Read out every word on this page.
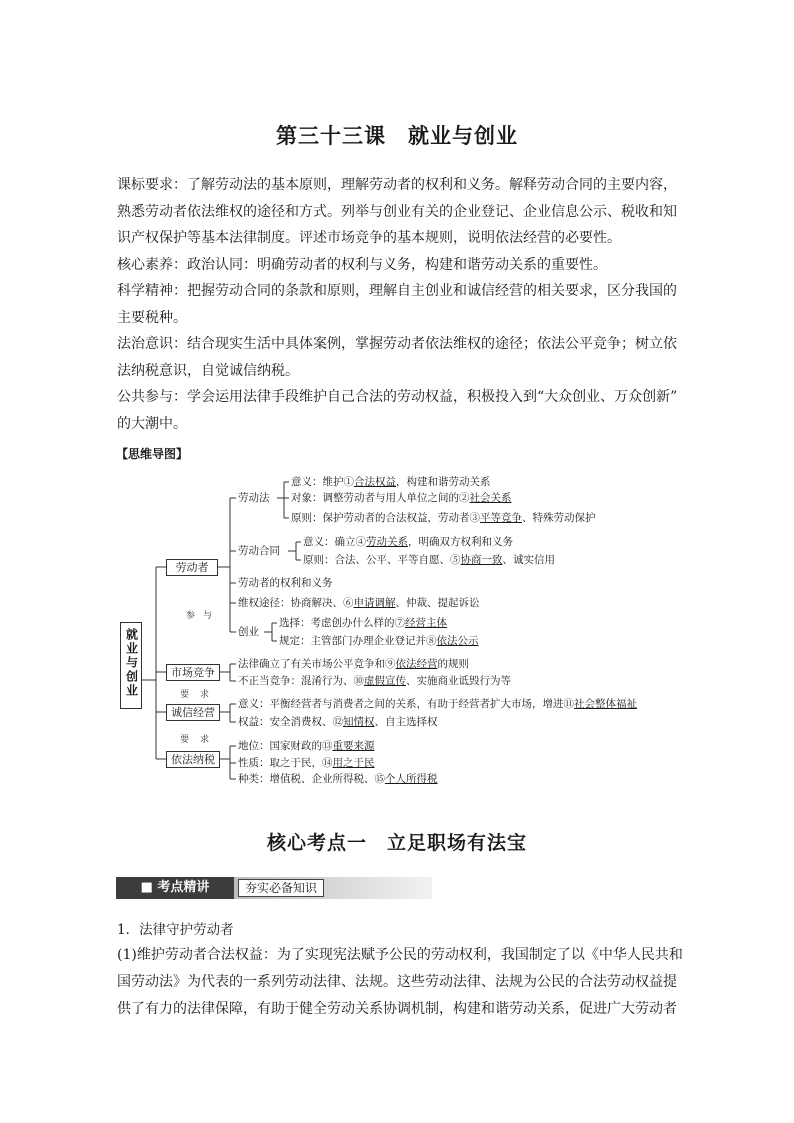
第三十三课　就业与创业

课标要求：了解劳动法的基本原则，理解劳动者的权利和义务。解释劳动合同的主要内容，

熟悉劳动者依法维权的途径和方式。列举与创业有关的企业登记、企业信息公示、税收和知

识产权保护等基本法律制度。评述市场竞争的基本规则，说明依法经营的必要性。

核心素养：政治认同：明确劳动者的权利与义务，构建和谐劳动关系的重要性。

科学精神：把握劳动合同的条款和原则，理解自主创业和诚信经营的相关要求，区分我国的

主要税种。

法治意识：结合现实生活中具体案例，掌握劳动者依法维权的途径；依法公平竞争；树立依

法纳税意识，自觉诚信纳税。

公共参与：学会运用法律手段维护自己合法的劳动权益，积极投入到“大众创业、万众创新”

的大潮中。

【思维导图】
就业与创业
参 与
要 求
要 求
劳动者
市场竞争
诚信经营
依法纳税
劳动法
意义：维护①合法权益，构建和谐劳动关系
对象：调整劳动者与用人单位之间的②社会关系
原则：保护劳动者的合法权益，劳动者③平等竞争、特殊劳动保护
劳动合同
意义：确立④劳动关系，明确双方权利和义务
原则：合法、公平、平等自愿、⑤协商一致、诚实信用
劳动者的权利和义务
维权途径：协商解决、⑥申请调解、仲裁、提起诉讼
创业
选择：考虑创办什么样的⑦经营主体
规定：主管部门办理企业登记并⑧依法公示
法律确立了有关市场公平竞争和⑨依法经营的规则
不正当竞争：混淆行为、⑩虚假宣传、实施商业诋毁行为等
意义：平衡经营者与消费者之间的关系，有助于经营者扩大市场，增进⑪社会整体福祉
权益：安全消费权、⑫知情权、自主选择权
地位：国家财政的⑬重要来源
性质：取之于民，⑭用之于民
种类：增值税、企业所得税、⑮个人所得税
核心考点一　立足职场有法宝
■ 考点精讲	夯实必备知识
1．法律守护劳动者

(1)维护劳动者合法权益：为了实现宪法赋予公民的劳动权利，我国制定了以《中华人民共和

国劳动法》为代表的一系列劳动法律、法规。这些劳动法律、法规为公民的合法劳动权益提

供了有力的法律保障，有助于健全劳动关系协调机制，构建和谐劳动关系，促进广大劳动者
